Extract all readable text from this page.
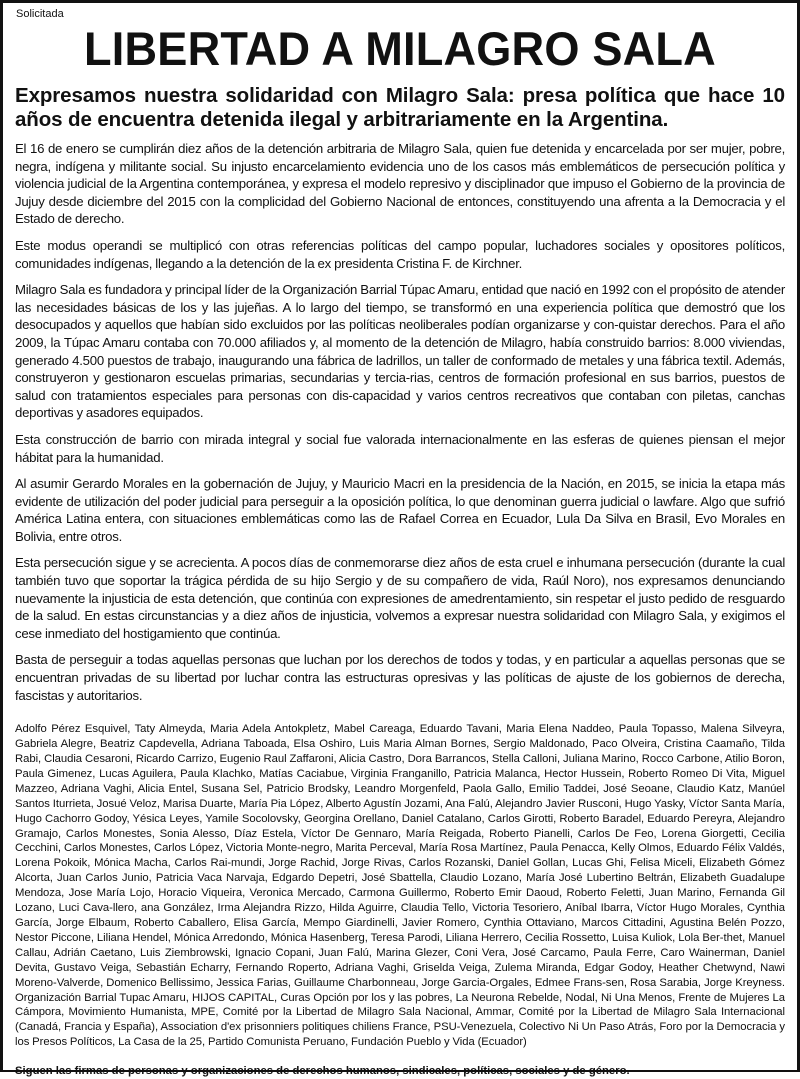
Solicitada

LIBERTAD A MILAGRO SALA
Expresamos nuestra solidaridad con Milagro Sala: presa política que hace 10 años de encuentra detenida ilegal y arbitrariamente en la Argentina.

El 16 de enero se cumplirán diez años de la detención arbitraria de Milagro Sala, quien fue detenida y encarcelada por ser mujer, pobre, negra, indígena y militante social. Su injusto encarcelamiento evidencia uno de los casos más emblemáticos de persecución política y violencia judicial de la Argentina contemporánea, y expresa el modelo represivo y disciplinador que impuso el Gobierno de la provincia de Jujuy desde diciembre del 2015 con la complicidad del Gobierno Nacional de entonces, constituyendo una afrenta a la Democracia y el Estado de derecho.

Este modus operandi se multiplicó con otras referencias políticas del campo popular, luchadores sociales y opositores políticos, comunidades indígenas, llegando a la detención de la ex presidenta Cristina F. de Kirchner.

Milagro Sala es fundadora y principal líder de la Organización Barrial Túpac Amaru, entidad que nació en 1992 con el propósito de atender las necesidades básicas de los y las jujeñas. A lo largo del tiempo, se transformó en una experiencia política que demostró que los desocupados y aquellos que habían sido excluidos por las políticas neoliberales podían organizarse y con-quistar derechos. Para el año 2009, la Túpac Amaru contaba con 70.000 afiliados y, al momento de la detención de Milagro, había construido barrios: 8.000 viviendas, generado 4.500 puestos de trabajo, inaugurando una fábrica de ladrillos, un taller de conformado de metales y una fábrica textil. Además, construyeron y gestionaron escuelas primarias, secundarias y tercia-rias, centros de formación profesional en sus barrios, puestos de salud con tratamientos especiales para personas con dis-capacidad y varios centros recreativos que contaban con piletas, canchas deportivas y asadores equipados.

Esta construcción de barrio con mirada integral y social fue valorada internacionalmente en las esferas de quienes piensan el mejor hábitat para la humanidad.

Al asumir Gerardo Morales en la gobernación de Jujuy, y Mauricio Macri en la presidencia de la Nación, en 2015, se inicia la etapa más evidente de utilización del poder judicial para perseguir a la oposición política, lo que denominan guerra judicial o lawfare. Algo que sufrió América Latina entera, con situaciones emblemáticas como las de Rafael Correa en Ecuador, Lula Da Silva en Brasil, Evo Morales en Bolivia, entre otros.

Esta persecución sigue y se acrecienta. A pocos días de conmemorarse diez años de esta cruel e inhumana persecución (durante la cual también tuvo que soportar la trágica pérdida de su hijo Sergio y de su compañero de vida, Raúl Noro), nos expresamos denunciando nuevamente la injusticia de esta detención, que continúa con expresiones de amedrentamiento, sin respetar el justo pedido de resguardo de la salud. En estas circunstancias y a diez años de injusticia, volvemos a expresar nuestra solidaridad con Milagro Sala, y exigimos el cese inmediato del hostigamiento que continúa.

Basta de perseguir a todas aquellas personas que luchan por los derechos de todos y todas, y en particular a aquellas personas que se encuentran privadas de su libertad por luchar contra las estructuras opresivas y las políticas de ajuste de los gobiernos de derecha, fascistas y autoritarios.

Adolfo Pérez Esquivel, Taty Almeyda, Maria Adela Antokpletz, Mabel Careaga, Eduardo Tavani, Maria Elena Naddeo, Paula Topasso, Malena Silveyra, Gabriela Alegre, Beatriz Capdevella, Adriana Taboada, Elsa Oshiro, Luis Maria Alman Bornes, Sergio Maldonado, Paco Olveira, Cristina Caamaño, Tilda Rabi, Claudia Cesaroni, Ricardo Carrizo, Eugenio Raul Zaffaroni, Alicia Castro, Dora Barrancos, Stella Calloni, Juliana Marino, Rocco Carbone, Atilio Boron, Paula Gimenez, Lucas Aguilera, Paula Klachko, Matías Caciabue, Virginia Franganillo, Patricia Malanca, Hector Hussein, Roberto Romeo Di Vita, Miguel Mazzeo, Adriana Vaghi, Alicia Entel, Susana Sel, Patricio Brodsky, Leandro Morgenfeld, Paola Gallo, Emilio Taddei, José Seoane, Claudio Katz, Manúel Santos Iturrieta, Josué Veloz, Marisa Duarte, María Pia López, Alberto Agustín Jozami, Ana Falú, Alejandro Javier Rusconi, Hugo Yasky, Víctor Santa María, Hugo Cachorro Godoy, Yésica Leyes, Yamile Socolovsky, Georgina Orellano, Daniel Catalano, Carlos Girotti, Roberto Baradel, Eduardo Pereyra, Alejandro Gramajo, Carlos Monestes, Sonia Alesso, Díaz Estela, Víctor De Gennaro, María Reigada, Roberto Pianelli, Carlos De Feo, Lorena Giorgetti, Cecilia Cecchini, Carlos Monestes, Carlos López, Victoria Monte-negro, Marita Perceval, María Rosa Martínez, Paula Penacca, Kelly Olmos, Eduardo Félix Valdés, Lorena Pokoik, Mónica Macha, Carlos Rai-mundi, Jorge Rachid, Jorge Rivas, Carlos Rozanski, Daniel Gollan, Lucas Ghi, Felisa Miceli, Elizabeth Gómez Alcorta, Juan Carlos Junio, Patricia Vaca Narvaja, Edgardo Depetri, José Sbattella, Claudio Lozano, María José Lubertino Beltrán, Elizabeth Guadalupe Mendoza, Jose María Lojo, Horacio Viqueira, Veronica Mercado, Carmona Guillermo, Roberto Emir Daoud, Roberto Feletti, Juan Marino, Fernanda Gil Lozano, Luci Cava-llero, ana González, Irma Alejandra Rizzo, Hilda Aguirre, Claudia Tello, Victoria Tesoriero, Aníbal Ibarra, Víctor Hugo Morales, Cynthia García, Jorge Elbaum, Roberto Caballero, Elisa García, Mempo Giardinelli, Javier Romero, Cynthia Ottaviano, Marcos Cittadini, Agustina Belén Pozzo, Nestor Piccone, Liliana Hendel, Mónica Arredondo, Mónica Hasenberg, Teresa Parodi, Liliana Herrero, Cecilia Rossetto, Luisa Kuliok, Lola Ber-thet, Manuel Callau, Adrián Caetano, Luis Ziembrowski, Ignacio Copani, Juan Falú, Marina Glezer, Coni Vera, José Carcamo, Paula Ferre, Caro Wainerman, Daniel Devita, Gustavo Veiga, Sebastián Echarry, Fernando Roperto, Adriana Vaghi, Griselda Veiga, Zulema Miranda, Edgar Godoy, Heather Chetwynd, Nawi Moreno-Valverde, Domenico Bellissimo, Jessica Farias, Guillaume Charbonneau, Jorge Garcia-Orgales, Edmee Frans-sen, Rosa Sarabia, Jorge Kreyness. Organización Barrial Tupac Amaru, HIJOS CAPITAL, Curas Opción por los y las pobres, La Neurona Rebelde, Nodal, Ni Una Menos, Frente de Mujeres La Cámpora, Movimiento Humanista, MPE, Comité por la Libertad de Milagro Sala Nacional, Ammar, Comité por la Libertad de Milagro Sala Internacional (Canadá, Francia y España), Association d'ex prisonniers politiques chiliens France, PSU-Venezuela, Colectivo Ni Un Paso Atrás, Foro por la Democracia y los Presos Políticos, La Casa de la 25, Partido Comunista Peruano, Fundación Pueblo y Vida (Ecuador)

Siguen las firmas de personas y organizaciones de derechos humanos, sindicales, políticas, sociales y de género.
